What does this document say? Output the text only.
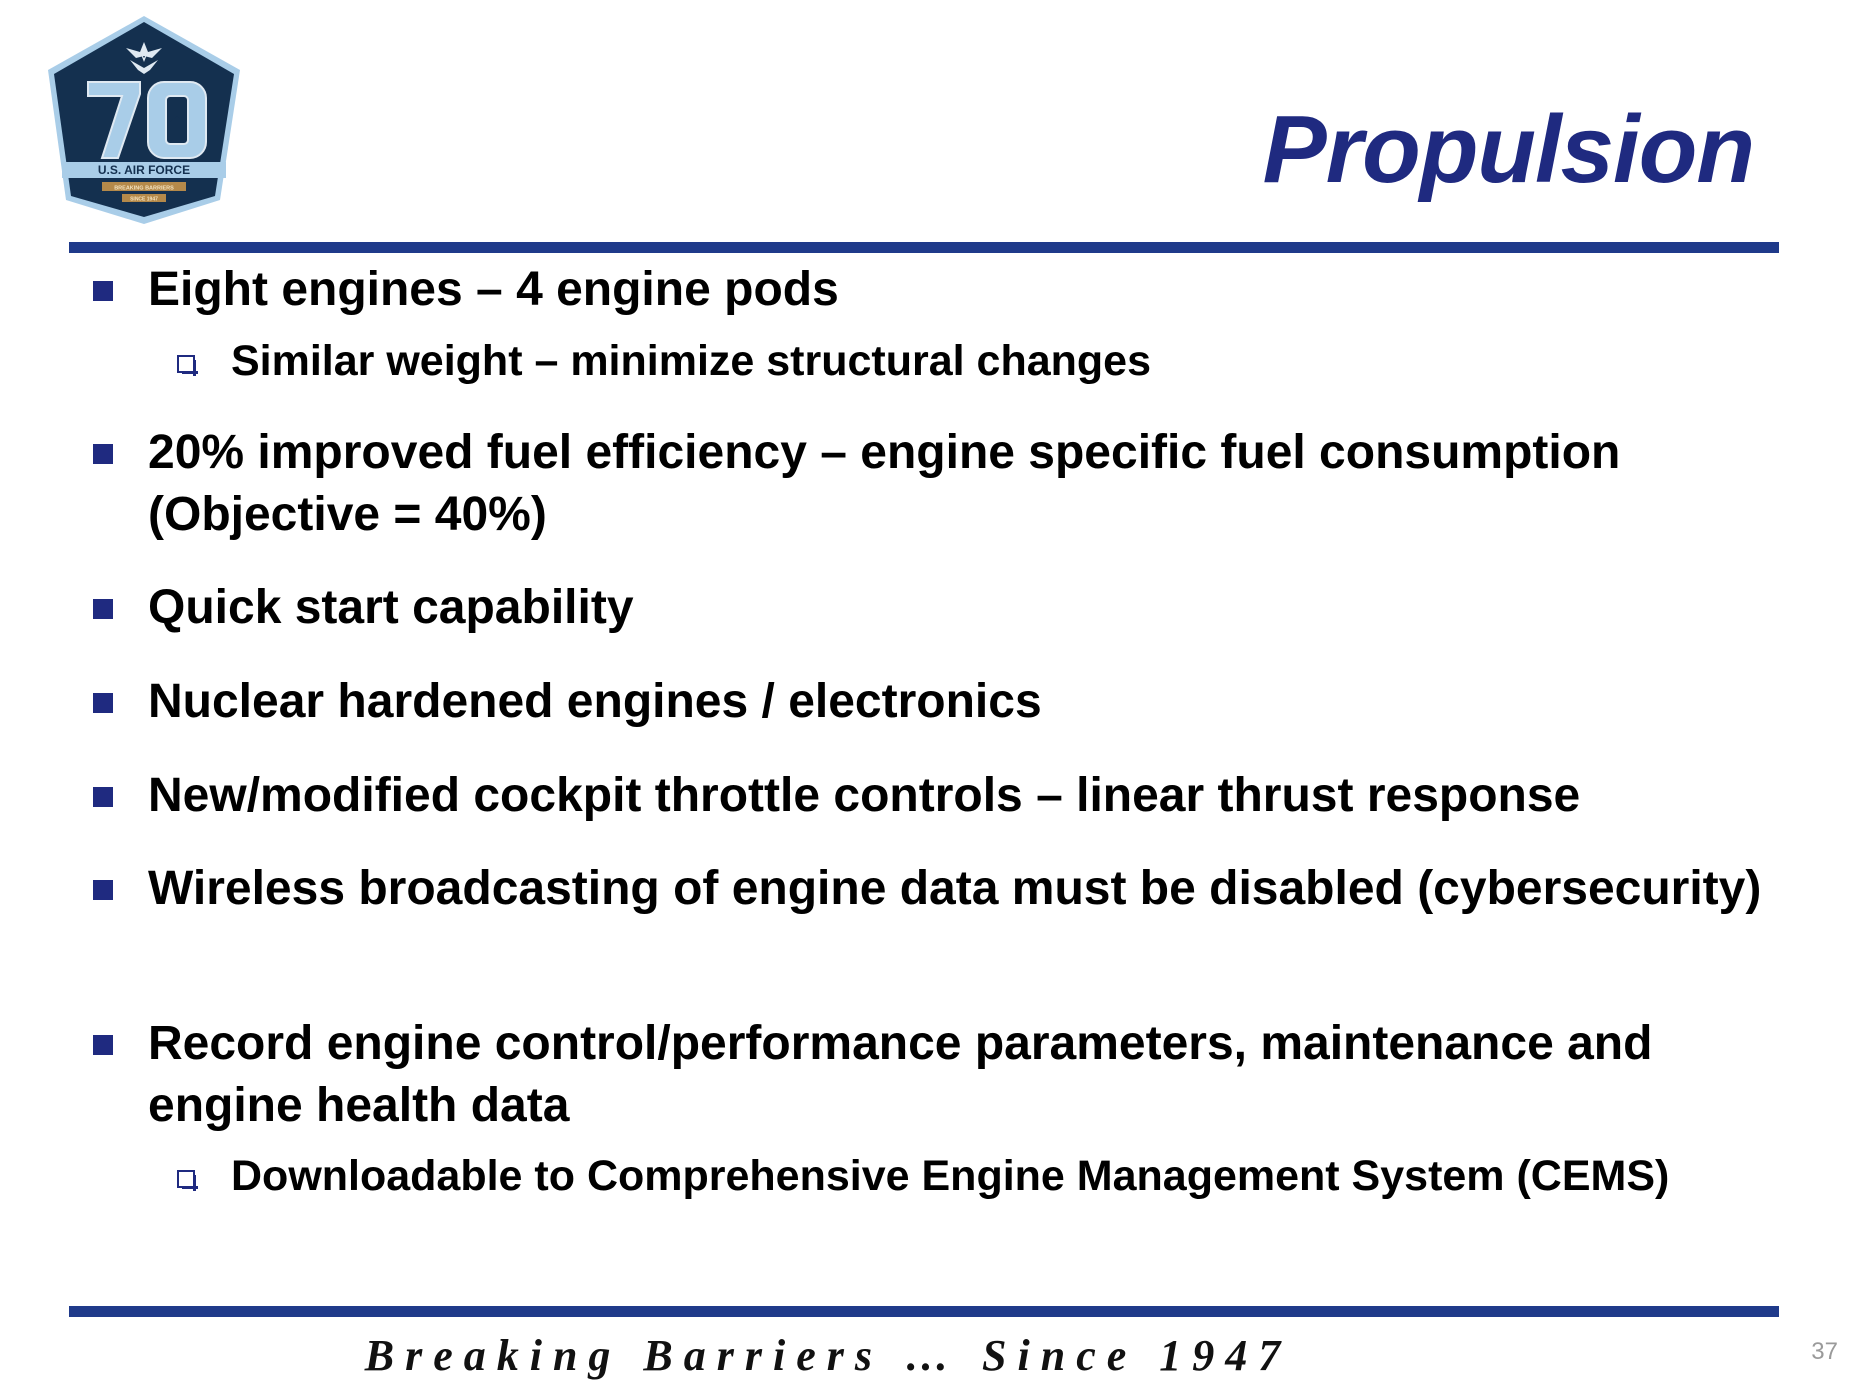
U.S. AIR FORCE
BREAKING BARRIERS
SINCE 1947	Propulsion
Eight engines – 4 engine pods
Similar weight – minimize structural changes
20% improved fuel efficiency – engine specific fuel consumption (Objective = 40%)
Quick start capability
Nuclear hardened engines / electronics
New/modified cockpit throttle controls – linear thrust response
Wireless broadcasting of engine data must be disabled (cybersecurity)
Record engine control/performance parameters, maintenance and engine health data
Downloadable to Comprehensive Engine Management System (CEMS)
Breaking Barriers … Since 1947	37
